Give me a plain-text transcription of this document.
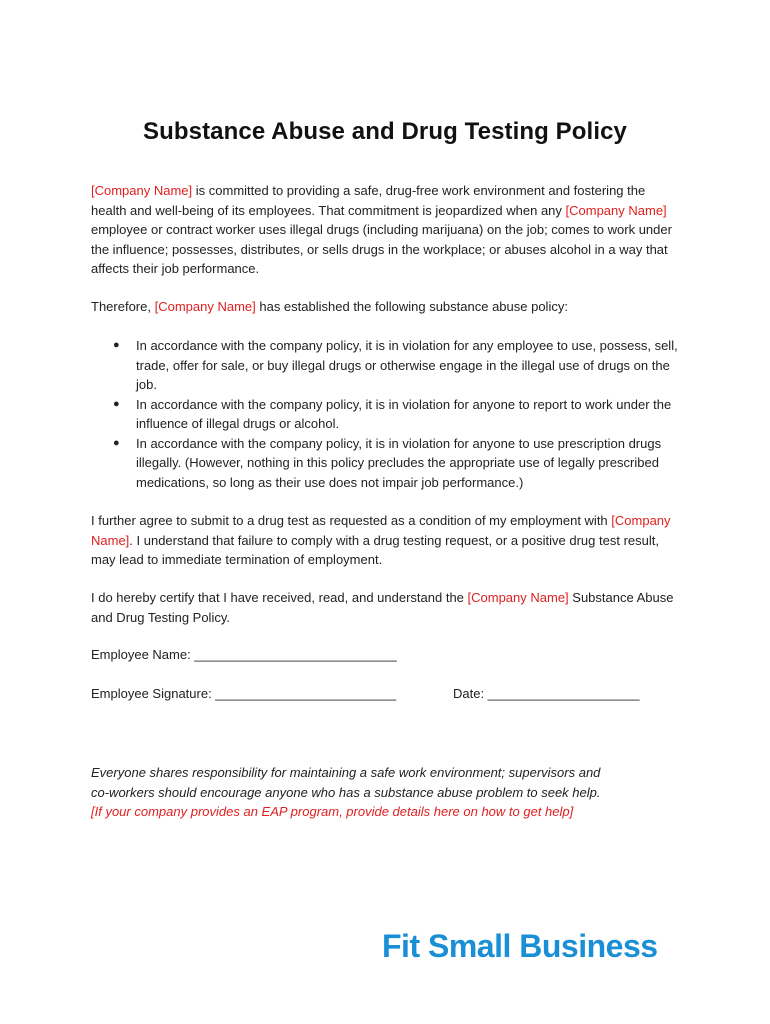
Substance Abuse and Drug Testing Policy
[Company Name] is committed to providing a safe, drug-free work environment and fostering the health and well-being of its employees. That commitment is jeopardized when any [Company Name] employee or contract worker uses illegal drugs (including marijuana) on the job; comes to work under the influence; possesses, distributes, or sells drugs in the workplace; or abuses alcohol in a way that affects their job performance.
Therefore, [Company Name] has established the following substance abuse policy:
● In accordance with the company policy, it is in violation for any employee to use, possess, sell, trade, offer for sale, or buy illegal drugs or otherwise engage in the illegal use of drugs on the job.
● In accordance with the company policy, it is in violation for anyone to report to work under the influence of illegal drugs or alcohol.
● In accordance with the company policy, it is in violation for anyone to use prescription drugs illegally. (However, nothing in this policy precludes the appropriate use of legally prescribed medications, so long as their use does not impair job performance.)
I further agree to submit to a drug test as requested as a condition of my employment with [Company Name]. I understand that failure to comply with a drug testing request, or a positive drug test result, may lead to immediate termination of employment.
I do hereby certify that I have received, read, and understand the [Company Name] Substance Abuse and Drug Testing Policy.
Employee Name: ____________________________
Employee Signature: _________________________	Date: _____________________
Everyone shares responsibility for maintaining a safe work environment; supervisors and
co-workers should encourage anyone who has a substance abuse problem to seek help.
[If your company provides an EAP program, provide details here on how to get help]
Fit Small Business
